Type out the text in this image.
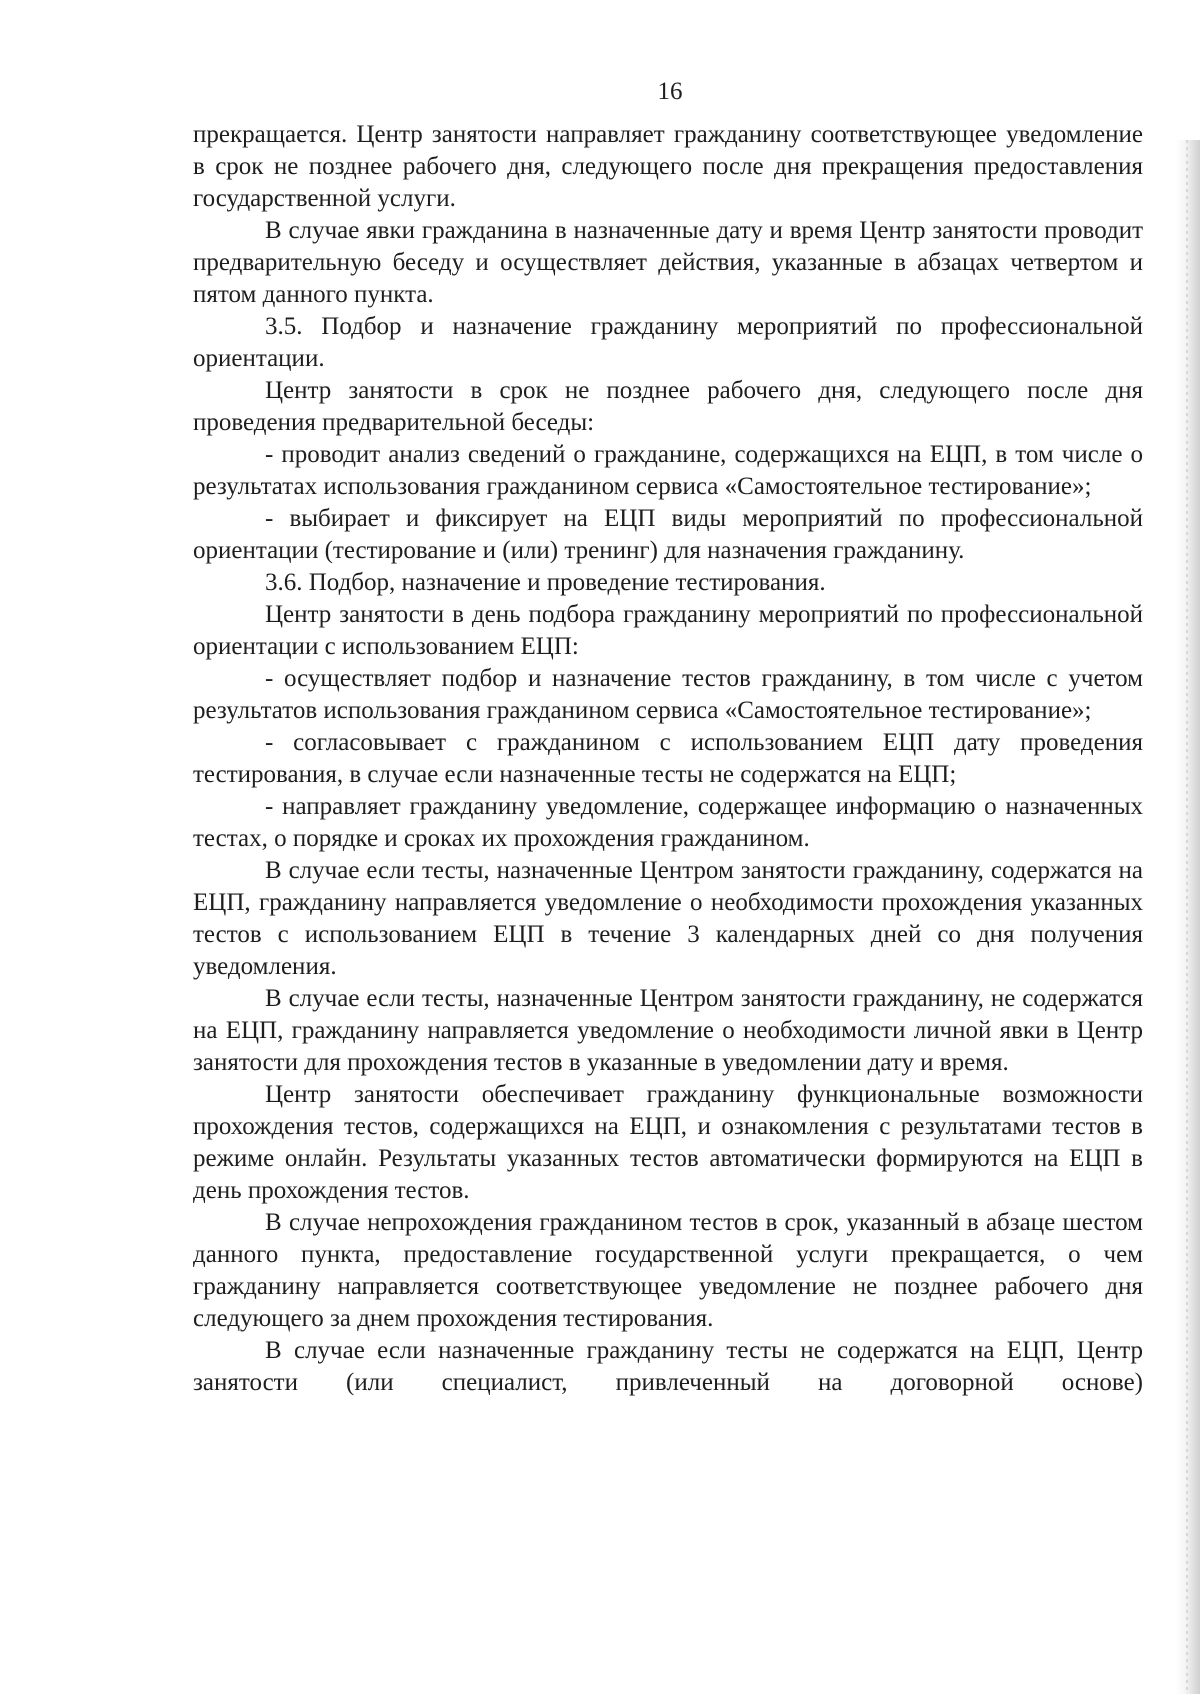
16

прекращается. Центр занятости направляет гражданину соответствующее уведомление в срок не позднее рабочего дня, следующего после дня прекращения предоставления государственной услуги.

В случае явки гражданина в назначенные дату и время Центр занятости проводит предварительную беседу и осуществляет действия, указанные в абзацах четвертом и пятом данного пункта.

3.5. Подбор и назначение гражданину мероприятий по профессиональной ориентации.

Центр занятости в срок не позднее рабочего дня, следующего после дня проведения предварительной беседы:

- проводит анализ сведений о гражданине, содержащихся на ЕЦП, в том числе о результатах использования гражданином сервиса «Самостоятельное тестирование»;

- выбирает и фиксирует на ЕЦП виды мероприятий по профессиональной ориентации (тестирование и (или) тренинг) для назначения гражданину.

3.6. Подбор, назначение и проведение тестирования.

Центр занятости в день подбора гражданину мероприятий по профессиональной ориентации с использованием ЕЦП:

- осуществляет подбор и назначение тестов гражданину, в том числе с учетом результатов использования гражданином сервиса «Самостоятельное тестирование»;

- согласовывает с гражданином с использованием ЕЦП дату проведения тестирования, в случае если назначенные тесты не содержатся на ЕЦП;

- направляет гражданину уведомление, содержащее информацию о назначенных тестах, о порядке и сроках их прохождения гражданином.

В случае если тесты, назначенные Центром занятости гражданину, содержатся на ЕЦП, гражданину направляется уведомление о необходимости прохождения указанных тестов с использованием ЕЦП в течение 3 календарных дней со дня получения уведомления.

В случае если тесты, назначенные Центром занятости гражданину, не содержатся на ЕЦП, гражданину направляется уведомление о необходимости личной явки в Центр занятости для прохождения тестов в указанные в уведомлении дату и время.

Центр занятости обеспечивает гражданину функциональные возможности прохождения тестов, содержащихся на ЕЦП, и ознакомления с результатами тестов в режиме онлайн. Результаты указанных тестов автоматически формируются на ЕЦП в день прохождения тестов.

В случае непрохождения гражданином тестов в срок, указанный в абзаце шестом данного пункта, предоставление государственной услуги прекращается, о чем гражданину направляется соответствующее уведомление не позднее рабочего дня следующего за днем прохождения тестирования.

В случае если назначенные гражданину тесты не содержатся на ЕЦП, Центр занятости (или специалист, привлеченный на договорной основе)
